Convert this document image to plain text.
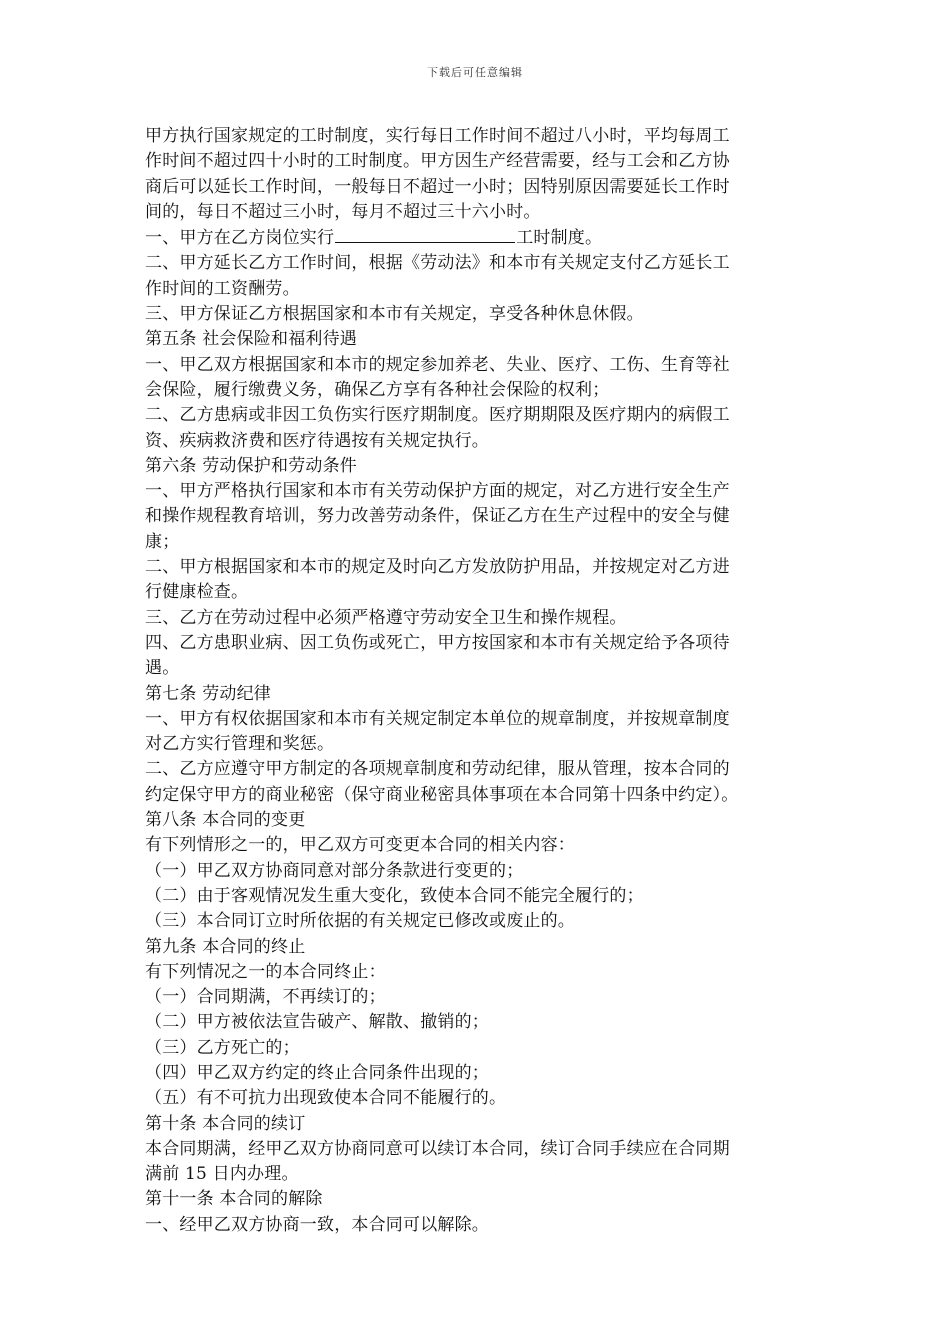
下载后可任意编辑
甲方执行国家规定的工时制度，实行每日工作时间不超过八小时，平均每周工
作时间不超过四十小时的工时制度。甲方因生产经营需要，经与工会和乙方协
商后可以延长工作时间，一般每日不超过一小时；因特别原因需要延长工作时
间的，每日不超过三小时，每月不超过三十六小时。
一、甲方在乙方岗位实行	工时制度。
二、甲方延长乙方工作时间，根据《劳动法》和本市有关规定支付乙方延长工
作时间的工资酬劳。
三、甲方保证乙方根据国家和本市有关规定，享受各种休息休假。
第五条 社会保险和福利待遇
一、甲乙双方根据国家和本市的规定参加养老、失业、医疗、工伤、生育等社
会保险，履行缴费义务，确保乙方享有各种社会保险的权利；
二、乙方患病或非因工负伤实行医疗期制度。医疗期期限及医疗期内的病假工
资、疾病救济费和医疗待遇按有关规定执行。
第六条 劳动保护和劳动条件
一、甲方严格执行国家和本市有关劳动保护方面的规定，对乙方进行安全生产
和操作规程教育培训，努力改善劳动条件，保证乙方在生产过程中的安全与健
康；
二、甲方根据国家和本市的规定及时向乙方发放防护用品，并按规定对乙方进
行健康检查。
三、乙方在劳动过程中必须严格遵守劳动安全卫生和操作规程。
四、乙方患职业病、因工负伤或死亡，甲方按国家和本市有关规定给予各项待
遇。
第七条 劳动纪律
一、甲方有权依据国家和本市有关规定制定本单位的规章制度，并按规章制度
对乙方实行管理和奖惩。
二、乙方应遵守甲方制定的各项规章制度和劳动纪律，服从管理，按本合同的
约定保守甲方的商业秘密（保守商业秘密具体事项在本合同第十四条中约定）。
第八条 本合同的变更
有下列情形之一的，甲乙双方可变更本合同的相关内容：
（一）甲乙双方协商同意对部分条款进行变更的；
（二）由于客观情况发生重大变化，致使本合同不能完全履行的；
（三）本合同订立时所依据的有关规定已修改或废止的。
第九条 本合同的终止
有下列情况之一的本合同终止：
（一）合同期满，不再续订的；
（二）甲方被依法宣告破产、解散、撤销的；
（三）乙方死亡的；
（四）甲乙双方约定的终止合同条件出现的；
（五）有不可抗力出现致使本合同不能履行的。
第十条 本合同的续订
本合同期满，经甲乙双方协商同意可以续订本合同，续订合同手续应在合同期
满前 15 日内办理。
第十一条 本合同的解除
一、经甲乙双方协商一致，本合同可以解除。
